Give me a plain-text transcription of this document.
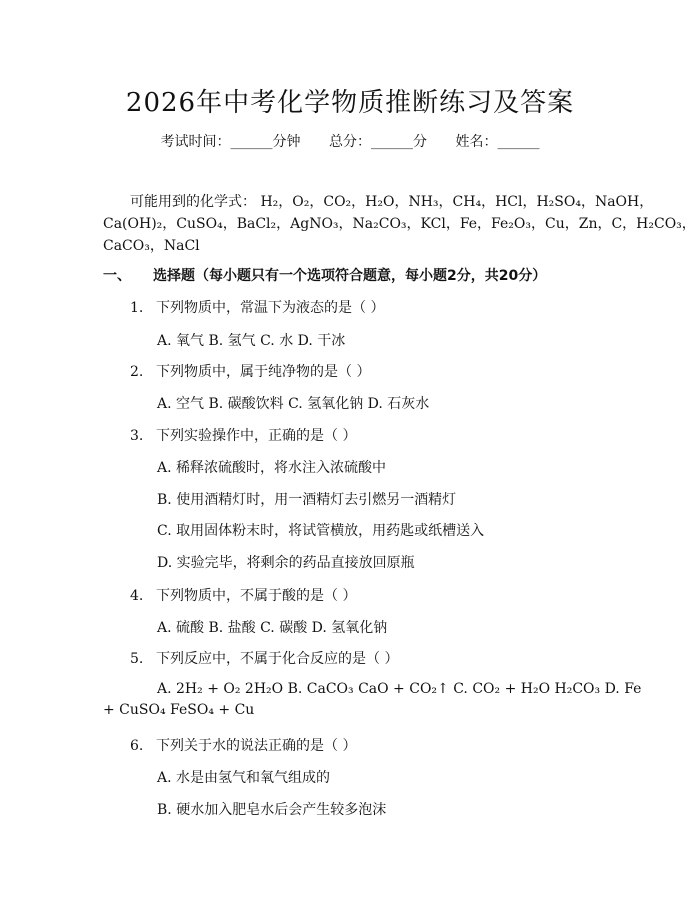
2026年中考化学物质推断练习及答案
考试时间：______分钟 总分：______分 姓名：______
可能用到的化学式： H₂，O₂，CO₂，H₂O，NH₃，CH₄，HCl，H₂SO₄，NaOH，
Ca(OH)₂，CuSO₄，BaCl₂，AgNO₃，Na₂CO₃，KCl，Fe，Fe₂O₃，Cu，Zn，C，H₂CO₃，
CaCO₃，NaCl
一、 选择题（每小题只有一个选项符合题意，每小题2分，共20分）
1. 下列物质中，常温下为液态的是（ ）
A. 氧气 B. 氢气 C. 水 D. 干冰
2. 下列物质中，属于纯净物的是（ ）
A. 空气 B. 碳酸饮料 C. 氢氧化钠 D. 石灰水
3. 下列实验操作中，正确的是（ ）
A. 稀释浓硫酸时，将水注入浓硫酸中
B. 使用酒精灯时，用一酒精灯去引燃另一酒精灯
C. 取用固体粉末时，将试管横放，用药匙或纸槽送入
D. 实验完毕，将剩余的药品直接放回原瓶
4. 下列物质中，不属于酸的是（ ）
A. 硫酸 B. 盐酸 C. 碳酸 D. 氢氧化钠
5. 下列反应中，不属于化合反应的是（ ）
A. 2H₂ + O₂ 2H₂O B. CaCO₃ CaO + CO₂↑ C. CO₂ + H₂O H₂CO₃ D. Fe
+ CuSO₄ FeSO₄ + Cu
6. 下列关于水的说法正确的是（ ）
A. 水是由氢气和氧气组成的
B. 硬水加入肥皂水后会产生较多泡沫
